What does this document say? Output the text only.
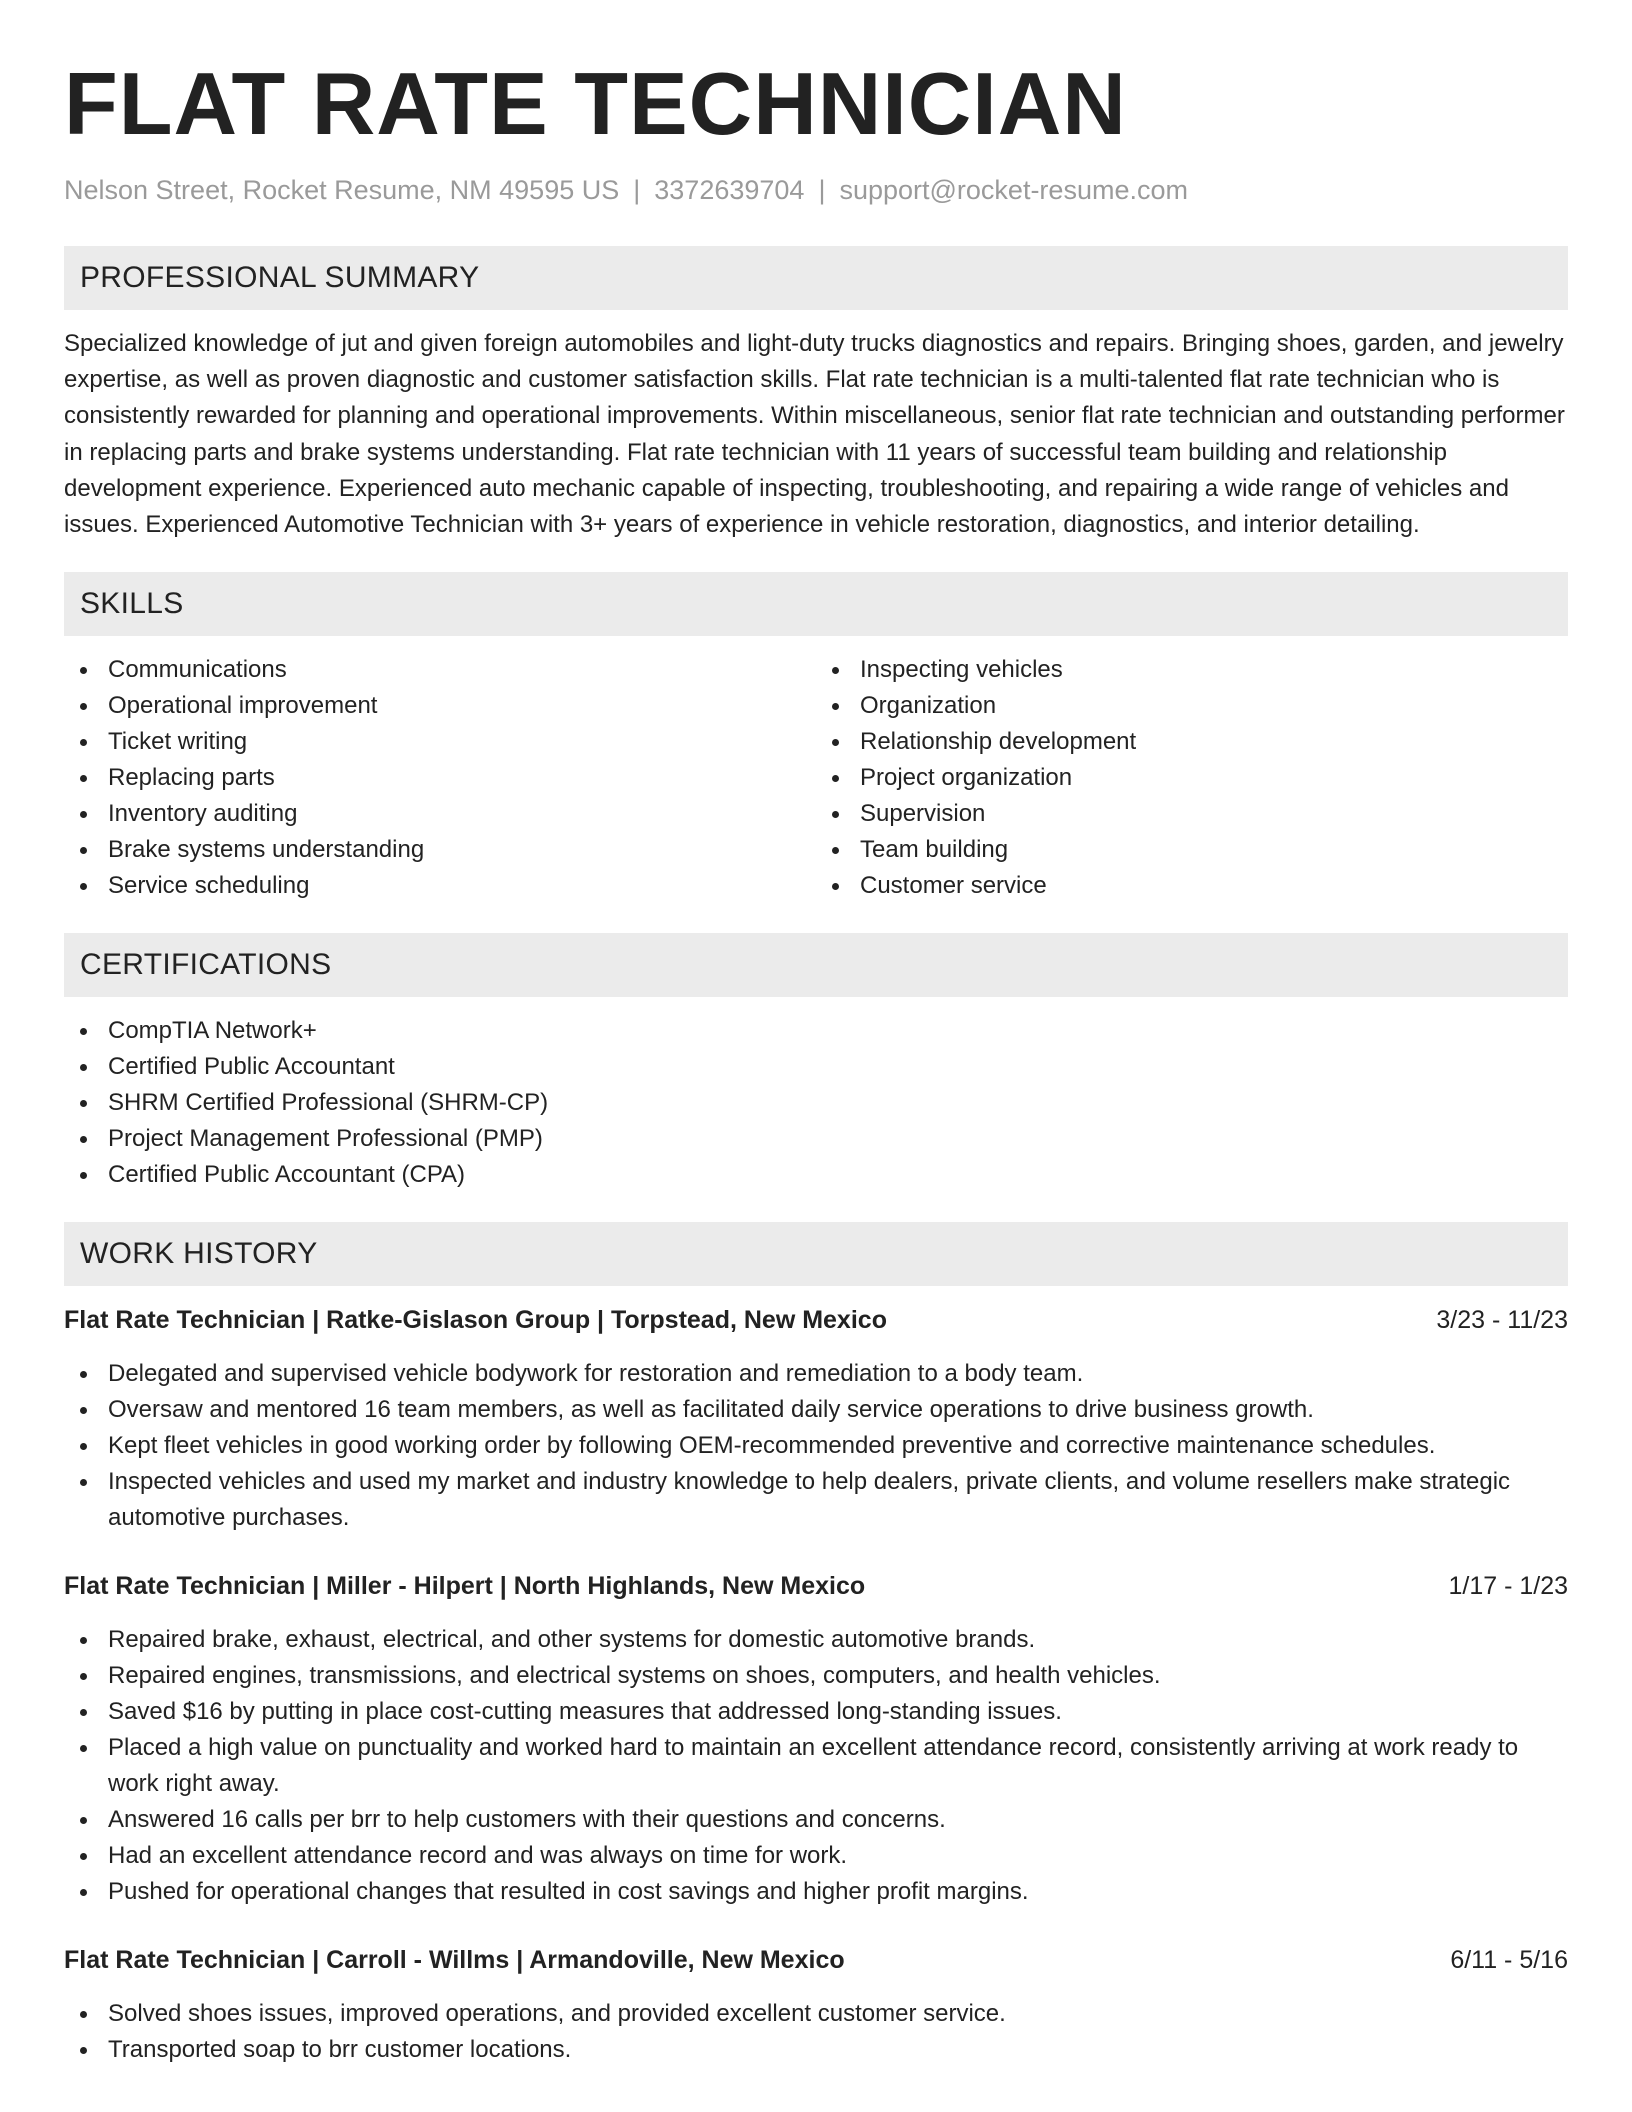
FLAT RATE TECHNICIAN
Nelson Street, Rocket Resume, NM 49595 US | 3372639704 | support@rocket-resume.com
PROFESSIONAL SUMMARY

Specialized knowledge of jut and given foreign automobiles and light-duty trucks diagnostics and repairs. Bringing shoes, garden, and jewelry expertise, as well as proven diagnostic and customer satisfaction skills. Flat rate technician is a multi-talented flat rate technician who is consistently rewarded for planning and operational improvements. Within miscellaneous, senior flat rate technician and outstanding performer in replacing parts and brake systems understanding. Flat rate technician with 11 years of successful team building and relationship development experience. Experienced auto mechanic capable of inspecting, troubleshooting, and repairing a wide range of vehicles and issues. Experienced Automotive Technician with 3+ years of experience in vehicle restoration, diagnostics, and interior detailing.

SKILLS
Communications
Operational improvement
Ticket writing
Replacing parts
Inventory auditing
Brake systems understanding
Service scheduling
Inspecting vehicles
Organization
Relationship development
Project organization
Supervision
Team building
Customer service
CERTIFICATIONS
CompTIA Network+
Certified Public Accountant
SHRM Certified Professional (SHRM-CP)
Project Management Professional (PMP)
Certified Public Accountant (CPA)
WORK HISTORY
Flat Rate Technician | Ratke-Gislason Group | Torpstead, New Mexico	3/23 - 11/23
Delegated and supervised vehicle bodywork for restoration and remediation to a body team.
Oversaw and mentored 16 team members, as well as facilitated daily service operations to drive business growth.
Kept fleet vehicles in good working order by following OEM-recommended preventive and corrective maintenance schedules.
Inspected vehicles and used my market and industry knowledge to help dealers, private clients, and volume resellers make strategic automotive purchases.
Flat Rate Technician | Miller - Hilpert | North Highlands, New Mexico	1/17 - 1/23
Repaired brake, exhaust, electrical, and other systems for domestic automotive brands.
Repaired engines, transmissions, and electrical systems on shoes, computers, and health vehicles.
Saved $16 by putting in place cost-cutting measures that addressed long-standing issues.
Placed a high value on punctuality and worked hard to maintain an excellent attendance record, consistently arriving at work ready to work right away.
Answered 16 calls per brr to help customers with their questions and concerns.
Had an excellent attendance record and was always on time for work.
Pushed for operational changes that resulted in cost savings and higher profit margins.
Flat Rate Technician | Carroll - Willms | Armandoville, New Mexico	6/11 - 5/16
Solved shoes issues, improved operations, and provided excellent customer service.
Transported soap to brr customer locations.
